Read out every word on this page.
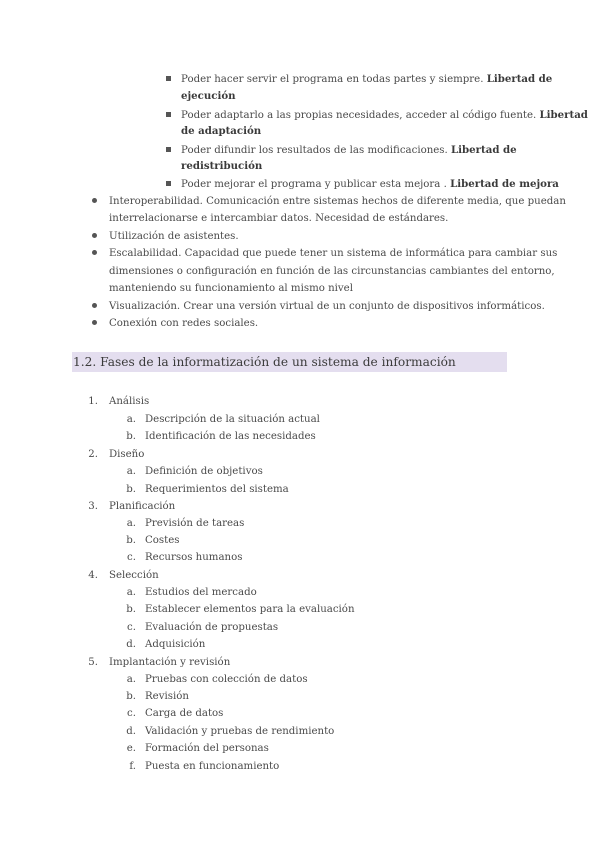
Poder hacer servir el programa en todas partes y siempre. Libertad de
ejecución
Poder adaptarlo a las propias necesidades, acceder al código fuente. Libertad
de adaptación
Poder difundir los resultados de las modificaciones. Libertad de
redistribución
Poder mejorar el programa y publicar esta mejora . Libertad de mejora
Interoperabilidad. Comunicación entre sistemas hechos de diferente media, que puedan
interrelacionarse e intercambiar datos. Necesidad de estándares.
Utilización de asistentes.
Escalabilidad. Capacidad que puede tener un sistema de informática para cambiar sus
dimensiones o configuración en función de las circunstancias cambiantes del entorno,
manteniendo su funcionamiento al mismo nivel
Visualización. Crear una versión virtual de un conjunto de dispositivos informáticos.
Conexión con redes sociales.
1.2. Fases de la informatización de un sistema de información
1. Análisis
a. Descripción de la situación actual
b. Identificación de las necesidades
2. Diseño
a. Definición de objetivos
b. Requerimientos del sistema
3. Planificación
a. Previsión de tareas
b. Costes
c. Recursos humanos
4. Selección
a. Estudios del mercado
b. Establecer elementos para la evaluación
c. Evaluación de propuestas
d. Adquisición
5. Implantación y revisión
a. Pruebas con colección de datos
b. Revisión
c. Carga de datos
d. Validación y pruebas de rendimiento
e. Formación del personas
f. Puesta en funcionamiento
